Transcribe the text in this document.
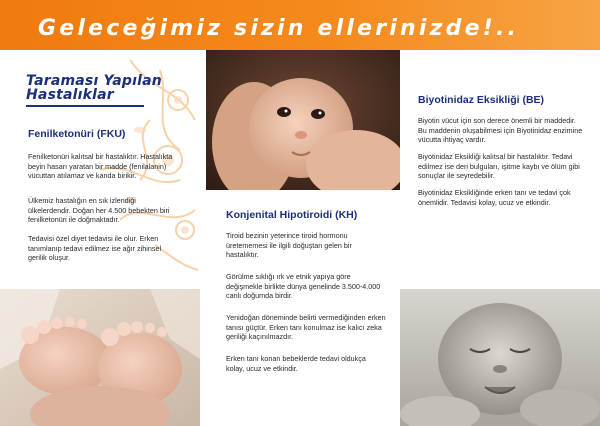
Geleceğimiz sizin ellerinizde!..
Taraması Yapılan
Hastalıklar
Fenilketonüri (FKU)
Fenilketonüri kalıtsal bir hastalıktır. Hastalıkta beyin hasarı yaratan bir madde (fenilalanin) vücuttan atılamaz ve kanda birikir.
Ülkemiz hastalığın en sık izlendiği ülkelerdendir. Doğan her 4.500 bebekten biri fenilketonüri ile doğmaktadır.
Tedavisi özel diyet tedavisi ile olur. Erken tanımlanıp tedavi edilmez ise ağır zihinsel gerilik oluşur.
Konjenital Hipotiroidi (KH)
Tiroid bezinin yeterince tiroid hormonu üretememesi ile ilgili doğuştan gelen bir hastalıktır.
Görülme sıklığı ırk ve etnik yapıya göre değişmekle birlikte dünya genelinde 3.500-4.000 canlı doğumda birdir.
Yenidoğan döneminde belirti vermediğinden erken tanısı güçtür. Erken tanı konulmaz ise kalıcı zeka geriliği kaçınılmazdır.
Erken tanı konan bebeklerde tedavi oldukça kolay, ucuz ve etkindir.
Biyotinidaz Eksikliği (BE)
Biyotin vücut için son derece önemli bir maddedir. Bu maddenin oluşabilmesi için Biyotinidaz enzimine vücutta ihtiyaç vardır.
Biyotinidaz Eksikliği kalıtsal bir hastalıktır. Tedavi edilmez ise deri bulguları, işitme kaybı ve ölüm gibi sonuçlar ile seyredebilir.
Biyotinidaz Eksikliğinde erken tanı ve tedavi çok önemlidir. Tedavisi kolay, ucuz ve etkindir.
